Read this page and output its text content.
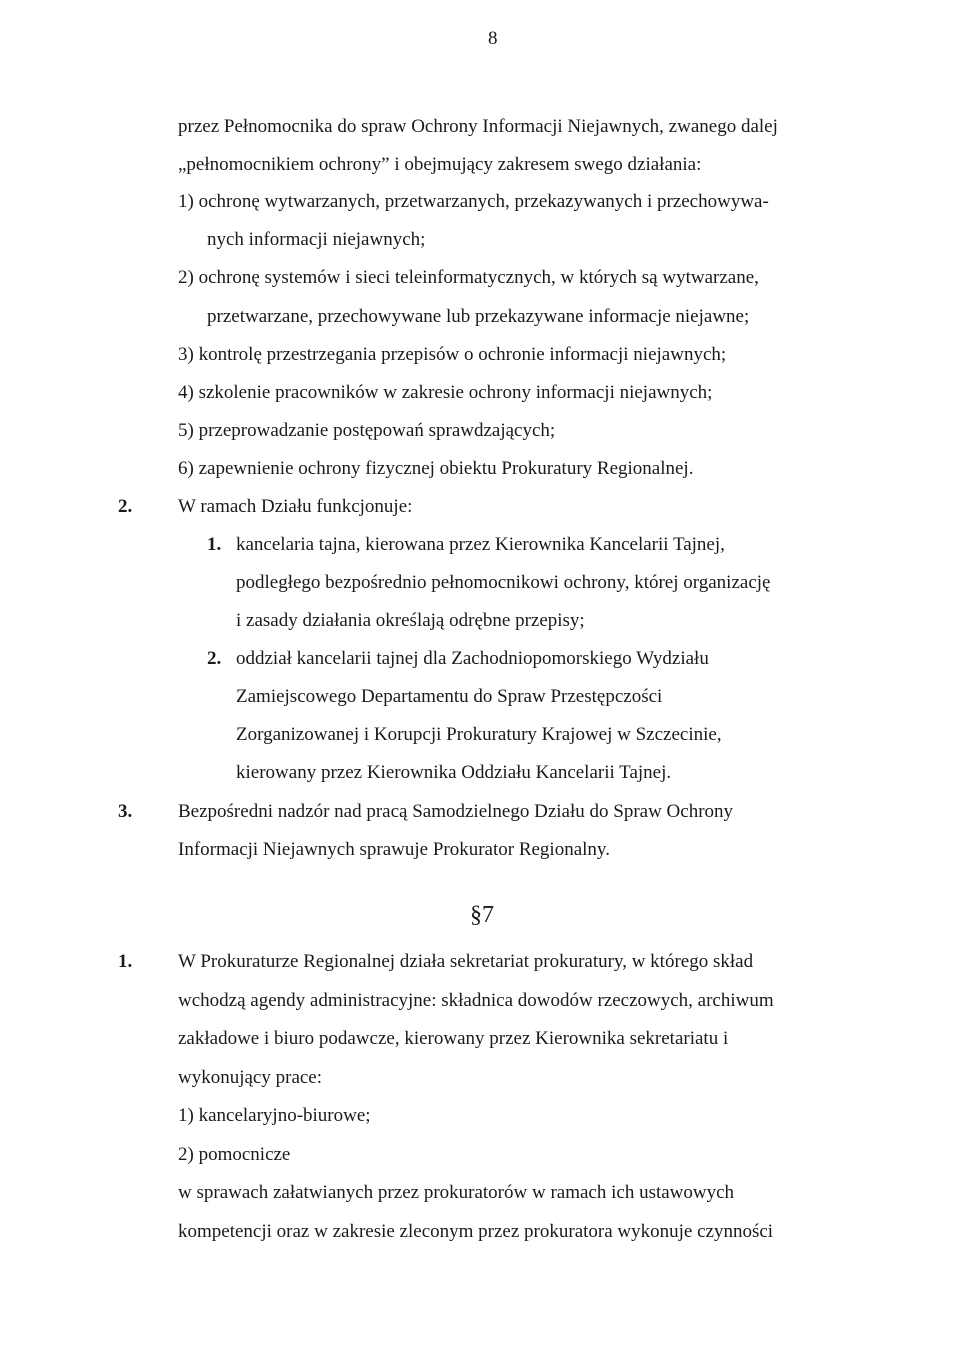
8
przez Pełnomocnika do spraw Ochrony Informacji Niejawnych, zwanego dalej
„pełnomocnikiem ochrony” i obejmujący zakresem swego działania:
1) ochronę wytwarzanych, przetwarzanych, przekazywanych i przechowywa-
nych informacji niejawnych;
2) ochronę systemów i sieci teleinformatycznych, w których są wytwarzane,
przetwarzane, przechowywane lub przekazywane informacje niejawne;
3) kontrolę przestrzegania przepisów o ochronie informacji niejawnych;
4) szkolenie pracowników w zakresie ochrony informacji niejawnych;
5) przeprowadzanie postępowań sprawdzających;
6) zapewnienie ochrony fizycznej obiektu Prokuratury Regionalnej.
2. W ramach Działu funkcjonuje:
1. kancelaria tajna, kierowana przez Kierownika Kancelarii Tajnej,
podległego bezpośrednio pełnomocnikowi ochrony, której organizację
i zasady działania określają odrębne przepisy;
2. oddział kancelarii tajnej dla Zachodniopomorskiego Wydziału
Zamiejscowego Departamentu do Spraw Przestępczości
Zorganizowanej i Korupcji Prokuratury Krajowej w Szczecinie,
kierowany przez Kierownika Oddziału Kancelarii Tajnej.
3. Bezpośredni nadzór nad pracą Samodzielnego Działu do Spraw Ochrony
Informacji Niejawnych sprawuje Prokurator Regionalny.
§7
1. W Prokuraturze Regionalnej działa sekretariat prokuratury, w którego skład
wchodzą agendy administracyjne: składnica dowodów rzeczowych, archiwum
zakładowe i biuro podawcze, kierowany przez Kierownika sekretariatu i
wykonujący prace:
1) kancelaryjno-biurowe;
2) pomocnicze
w sprawach załatwianych przez prokuratorów w ramach ich ustawowych
kompetencji oraz w zakresie zleconym przez prokuratora wykonuje czynności
